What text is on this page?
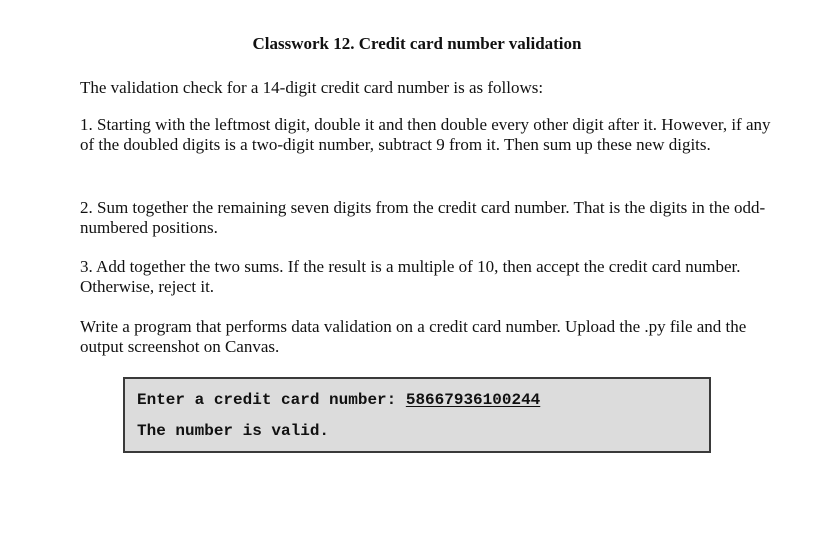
Classwork 12. Credit card number validation
The validation check for a 14-digit credit card number is as follows:
1. Starting with the leftmost digit, double it and then double every other digit after it. However, if any of the doubled digits is a two-digit number, subtract 9 from it. Then sum up these new digits.
2. Sum together the remaining seven digits from the credit card number. That is the digits in the odd-numbered positions.
3. Add together the two sums. If the result is a multiple of 10, then accept the credit card number. Otherwise, reject it.
Write a program that performs data validation on a credit card number. Upload the .py file and the output screenshot on Canvas.
Enter a credit card number: 58667936100244
The number is valid.
